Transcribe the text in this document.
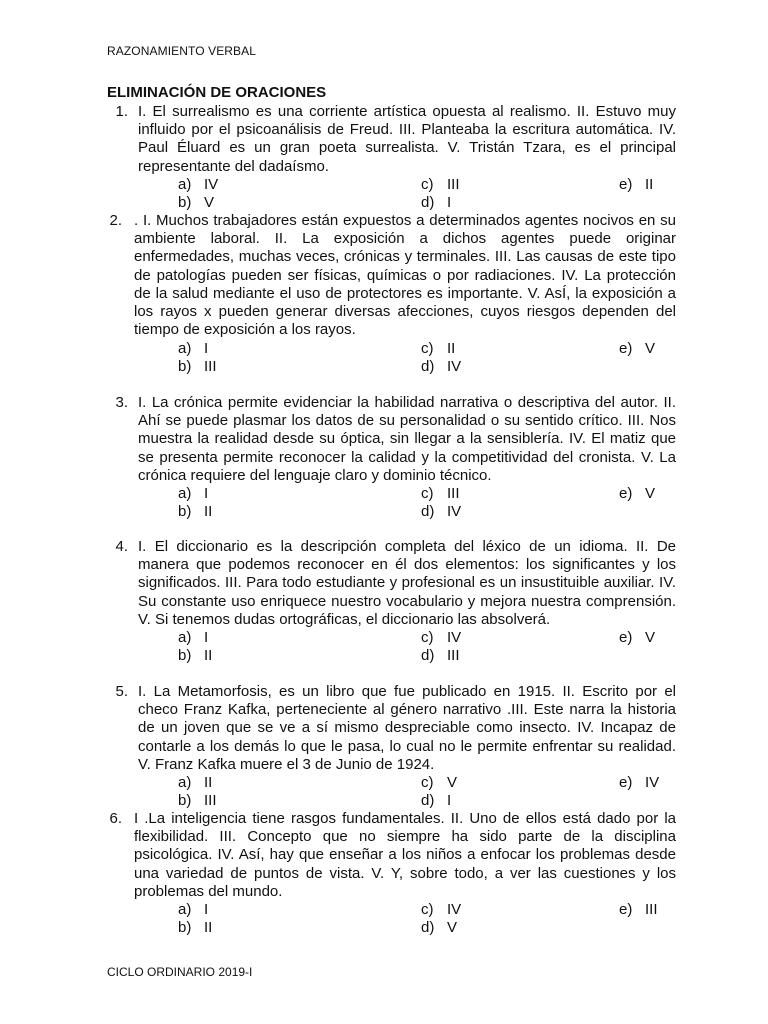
RAZONAMIENTO VERBAL
ELIMINACIÓN DE ORACIONES
1. I. El surrealismo es una corriente artística opuesta al realismo. II. Estuvo muy influido por el psicoanálisis de Freud. III. Planteaba la escritura automática. IV. Paul Éluard es un gran poeta surrealista. V. Tristán Tzara, es el principal representante del dadaísmo.
a) IV	c) III	e) II
b) V	d) I
2. . I. Muchos trabajadores están expuestos a determinados agentes nocivos en su ambiente laboral. II. La exposición a dichos agentes puede originar enfermedades, muchas veces, crónicas y terminales. III. Las causas de este tipo de patologías pueden ser físicas, químicas o por radiaciones. IV. La protección de la salud mediante el uso de protectores es importante. V. AsÍ, la exposición a los rayos x pueden generar diversas afecciones, cuyos riesgos dependen del tiempo de exposición a los rayos.
a) I	c) II	e) V
b) III	d) IV
3. I. La crónica permite evidenciar la habilidad narrativa o descriptiva del autor. II. Ahí se puede plasmar los datos de su personalidad o su sentido crítico. III. Nos muestra la realidad desde su óptica, sin llegar a la sensiblería. IV. El matiz que se presenta permite reconocer la calidad y la competitividad del cronista. V. La crónica requiere del lenguaje claro y dominio técnico.
a) I	c) III	e) V
b) II	d) IV
4. I. El diccionario es la descripción completa del léxico de un idioma. II. De manera que podemos reconocer en él dos elementos: los significantes y los significados. III. Para todo estudiante y profesional es un insustituible auxiliar. IV. Su constante uso enriquece nuestro vocabulario y mejora nuestra comprensión. V. Si tenemos dudas ortográficas, el diccionario las absolverá.
a) I	c) IV	e) V
b) II	d) III
5. I. La Metamorfosis, es un libro que fue publicado en 1915. II. Escrito por el checo Franz Kafka, perteneciente al género narrativo .III. Este narra la historia de un joven que se ve a sí mismo despreciable como insecto. IV. Incapaz de contarle a los demás lo que le pasa, lo cual no le permite enfrentar su realidad. V. Franz Kafka muere el 3 de Junio de 1924.
a) II	c) V	e) IV
b) III	d) I
6. I .La inteligencia tiene rasgos fundamentales. II. Uno de ellos está dado por la flexibilidad. III. Concepto que no siempre ha sido parte de la disciplina psicológica. IV. Así, hay que enseñar a los niños a enfocar los problemas desde una variedad de puntos de vista. V. Y, sobre todo, a ver las cuestiones y los problemas del mundo.
a) I	c) IV	e) III
b) II	d) V
CICLO ORDINARIO 2019-I
